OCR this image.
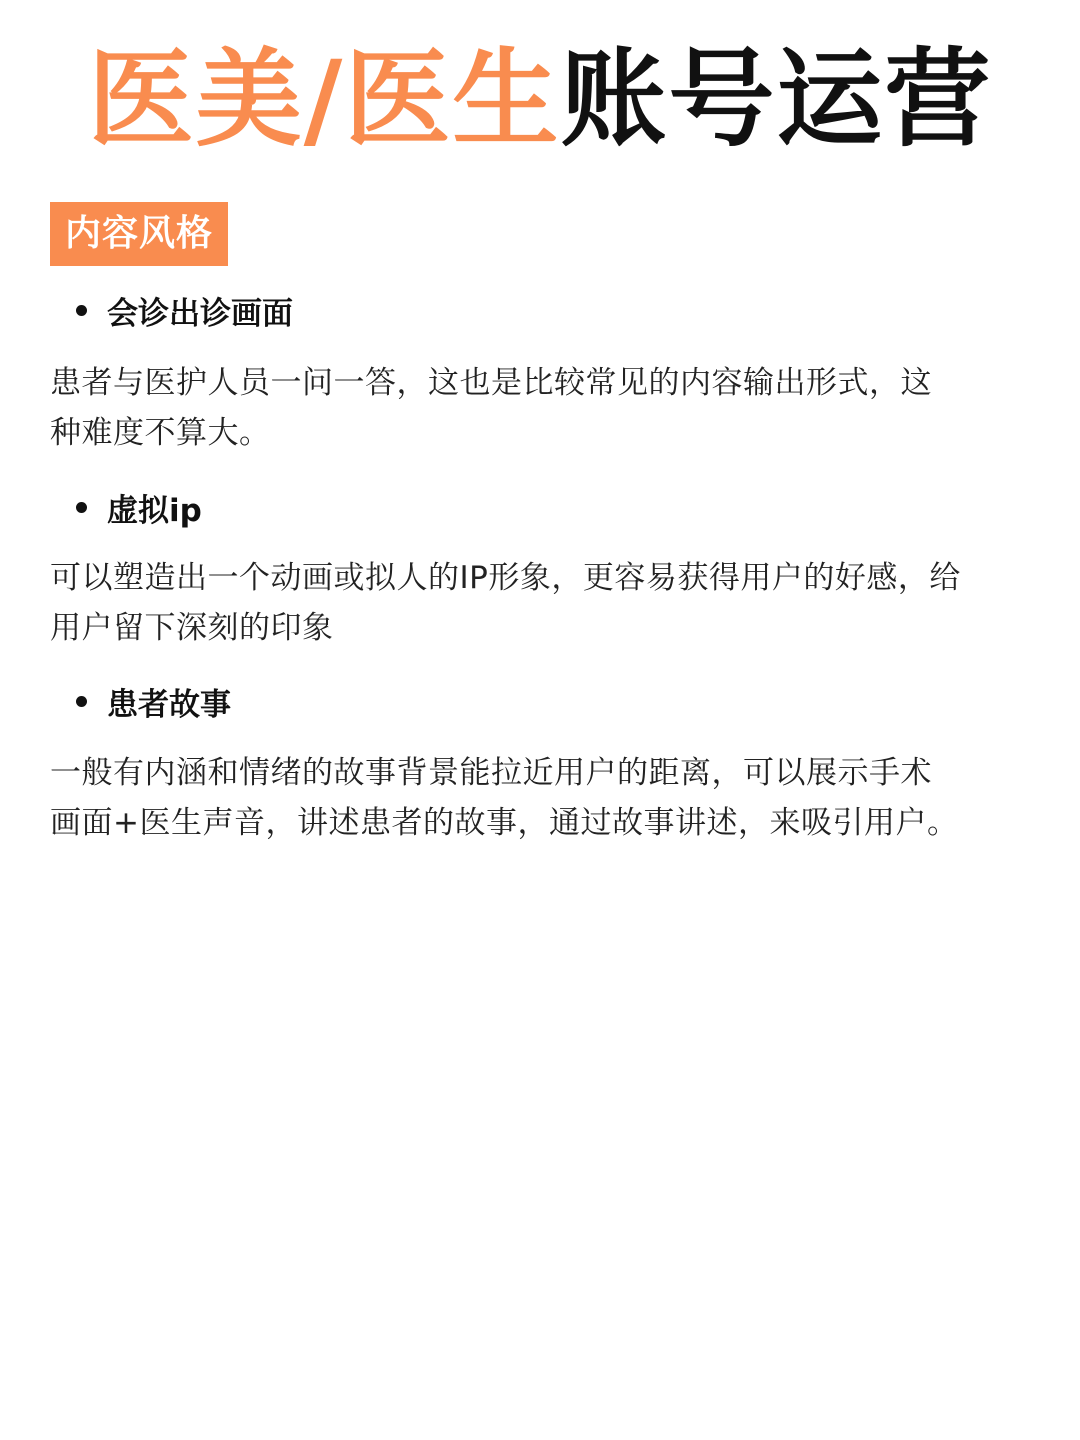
医美/医生账号运营
内容风格
会诊出诊画面
患者与医护人员一问一答，这也是比较常见的内容输出形式，这
种难度不算大。
虚拟ip
可以塑造出一个动画或拟人的IP形象，更容易获得用户的好感，给
用户留下深刻的印象
患者故事
一般有内涵和情绪的故事背景能拉近用户的距离，可以展示手术
画面+医生声音，讲述患者的故事，通过故事讲述，来吸引用户。
